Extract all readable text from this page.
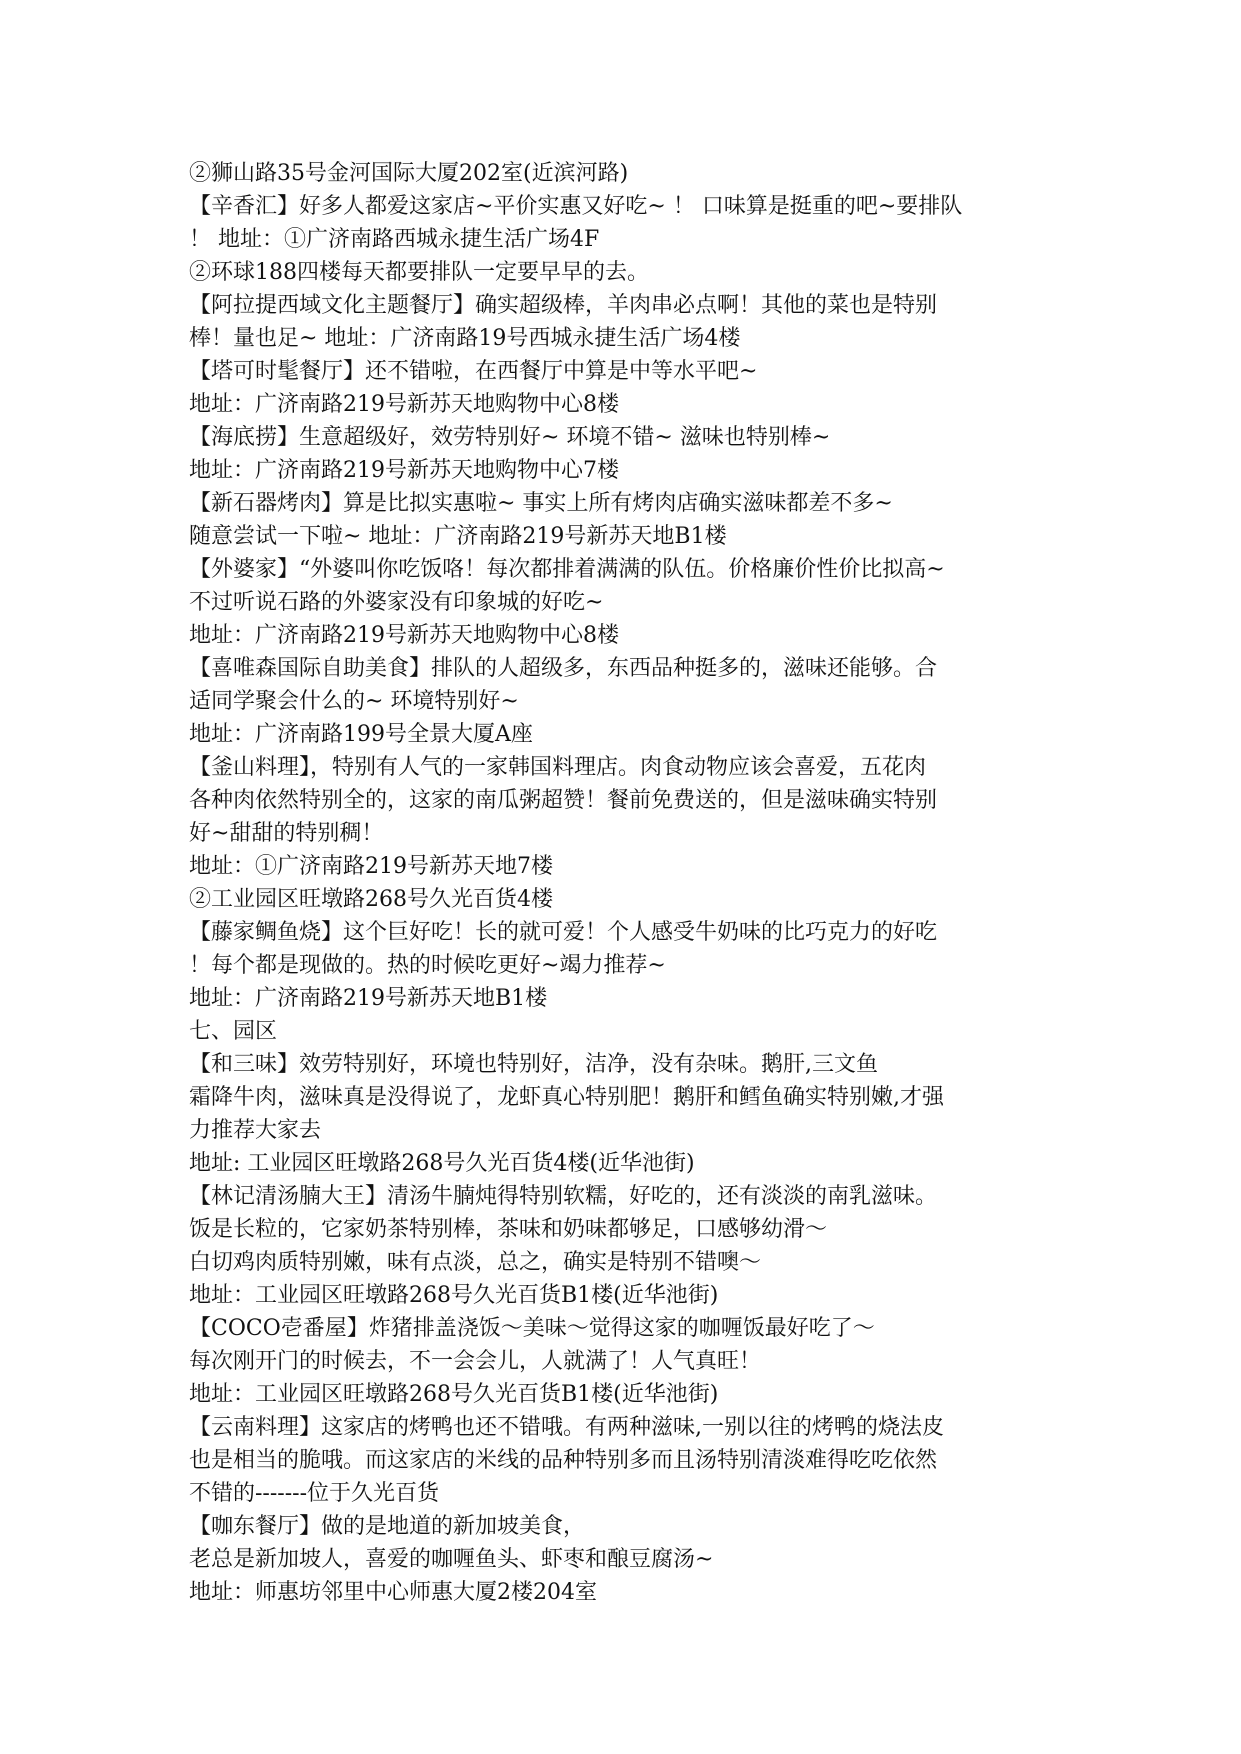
②狮山路35号金河国际大厦202室(近滨河路)
【辛香汇】好多人都爱这家店~平价实惠又好吃~ ！ 口味算是挺重的吧~要排队
！ 地址：①广济南路西城永捷生活广场4F
②环球188四楼每天都要排队一定要早早的去。
【阿拉提西域文化主题餐厅】确实超级棒，羊肉串必点啊！其他的菜也是特别
棒！量也足~ 地址：广济南路19号西城永捷生活广场4楼
【塔可时髦餐厅】还不错啦，在西餐厅中算是中等水平吧~
地址：广济南路219号新苏天地购物中心8楼
【海底捞】生意超级好，效劳特别好~ 环境不错~ 滋味也特别棒~
地址：广济南路219号新苏天地购物中心7楼
【新石器烤肉】算是比拟实惠啦~ 事实上所有烤肉店确实滋味都差不多~
随意尝试一下啦~ 地址：广济南路219号新苏天地B1楼
【外婆家】“外婆叫你吃饭咯！每次都排着满满的队伍。价格廉价性价比拟高~
不过听说石路的外婆家没有印象城的好吃~
地址：广济南路219号新苏天地购物中心8楼
【喜唯森国际自助美食】排队的人超级多，东西品种挺多的，滋味还能够。合
适同学聚会什么的~ 环境特别好~
地址：广济南路199号全景大厦A座
【釜山料理】，特别有人气的一家韩国料理店。肉食动物应该会喜爱，五花肉
各种肉依然特别全的，这家的南瓜粥超赞！餐前免费送的，但是滋味确实特别
好~甜甜的特别稠！
地址：①广济南路219号新苏天地7楼
②工业园区旺墩路268号久光百货4楼
【藤家鲷鱼烧】这个巨好吃！长的就可爱！个人感受牛奶味的比巧克力的好吃
！每个都是现做的。热的时候吃更好~竭力推荐~
地址：广济南路219号新苏天地B1楼
七、园区
【和三味】效劳特别好，环境也特别好，洁净，没有杂味。鹅肝,三文鱼
霜降牛肉，滋味真是没得说了，龙虾真心特别肥！鹅肝和鳕鱼确实特别嫩,才强
力推荐大家去
地址: 工业园区旺墩路268号久光百货4楼(近华池街)
【林记清汤腩大王】清汤牛腩炖得特别软糯，好吃的，还有淡淡的南乳滋味。
饭是长粒的，它家奶茶特别棒，茶味和奶味都够足，口感够幼滑～
白切鸡肉质特别嫩，味有点淡，总之，确实是特别不错噢～
地址：工业园区旺墩路268号久光百货B1楼(近华池街)
【COCO壱番屋】炸猪排盖浇饭～美味～觉得这家的咖喱饭最好吃了～
每次刚开门的时候去，不一会会儿，人就满了！人气真旺！
地址：工业园区旺墩路268号久光百货B1楼(近华池街)
【云南料理】这家店的烤鸭也还不错哦。有两种滋味,一别以往的烤鸭的烧法皮
也是相当的脆哦。而这家店的米线的品种特别多而且汤特别清淡难得吃吃依然
不错的-------位于久光百货
【咖东餐厅】做的是地道的新加坡美食，
老总是新加坡人，喜爱的咖喱鱼头、虾枣和酿豆腐汤~
地址：师惠坊邻里中心师惠大厦2楼204室
